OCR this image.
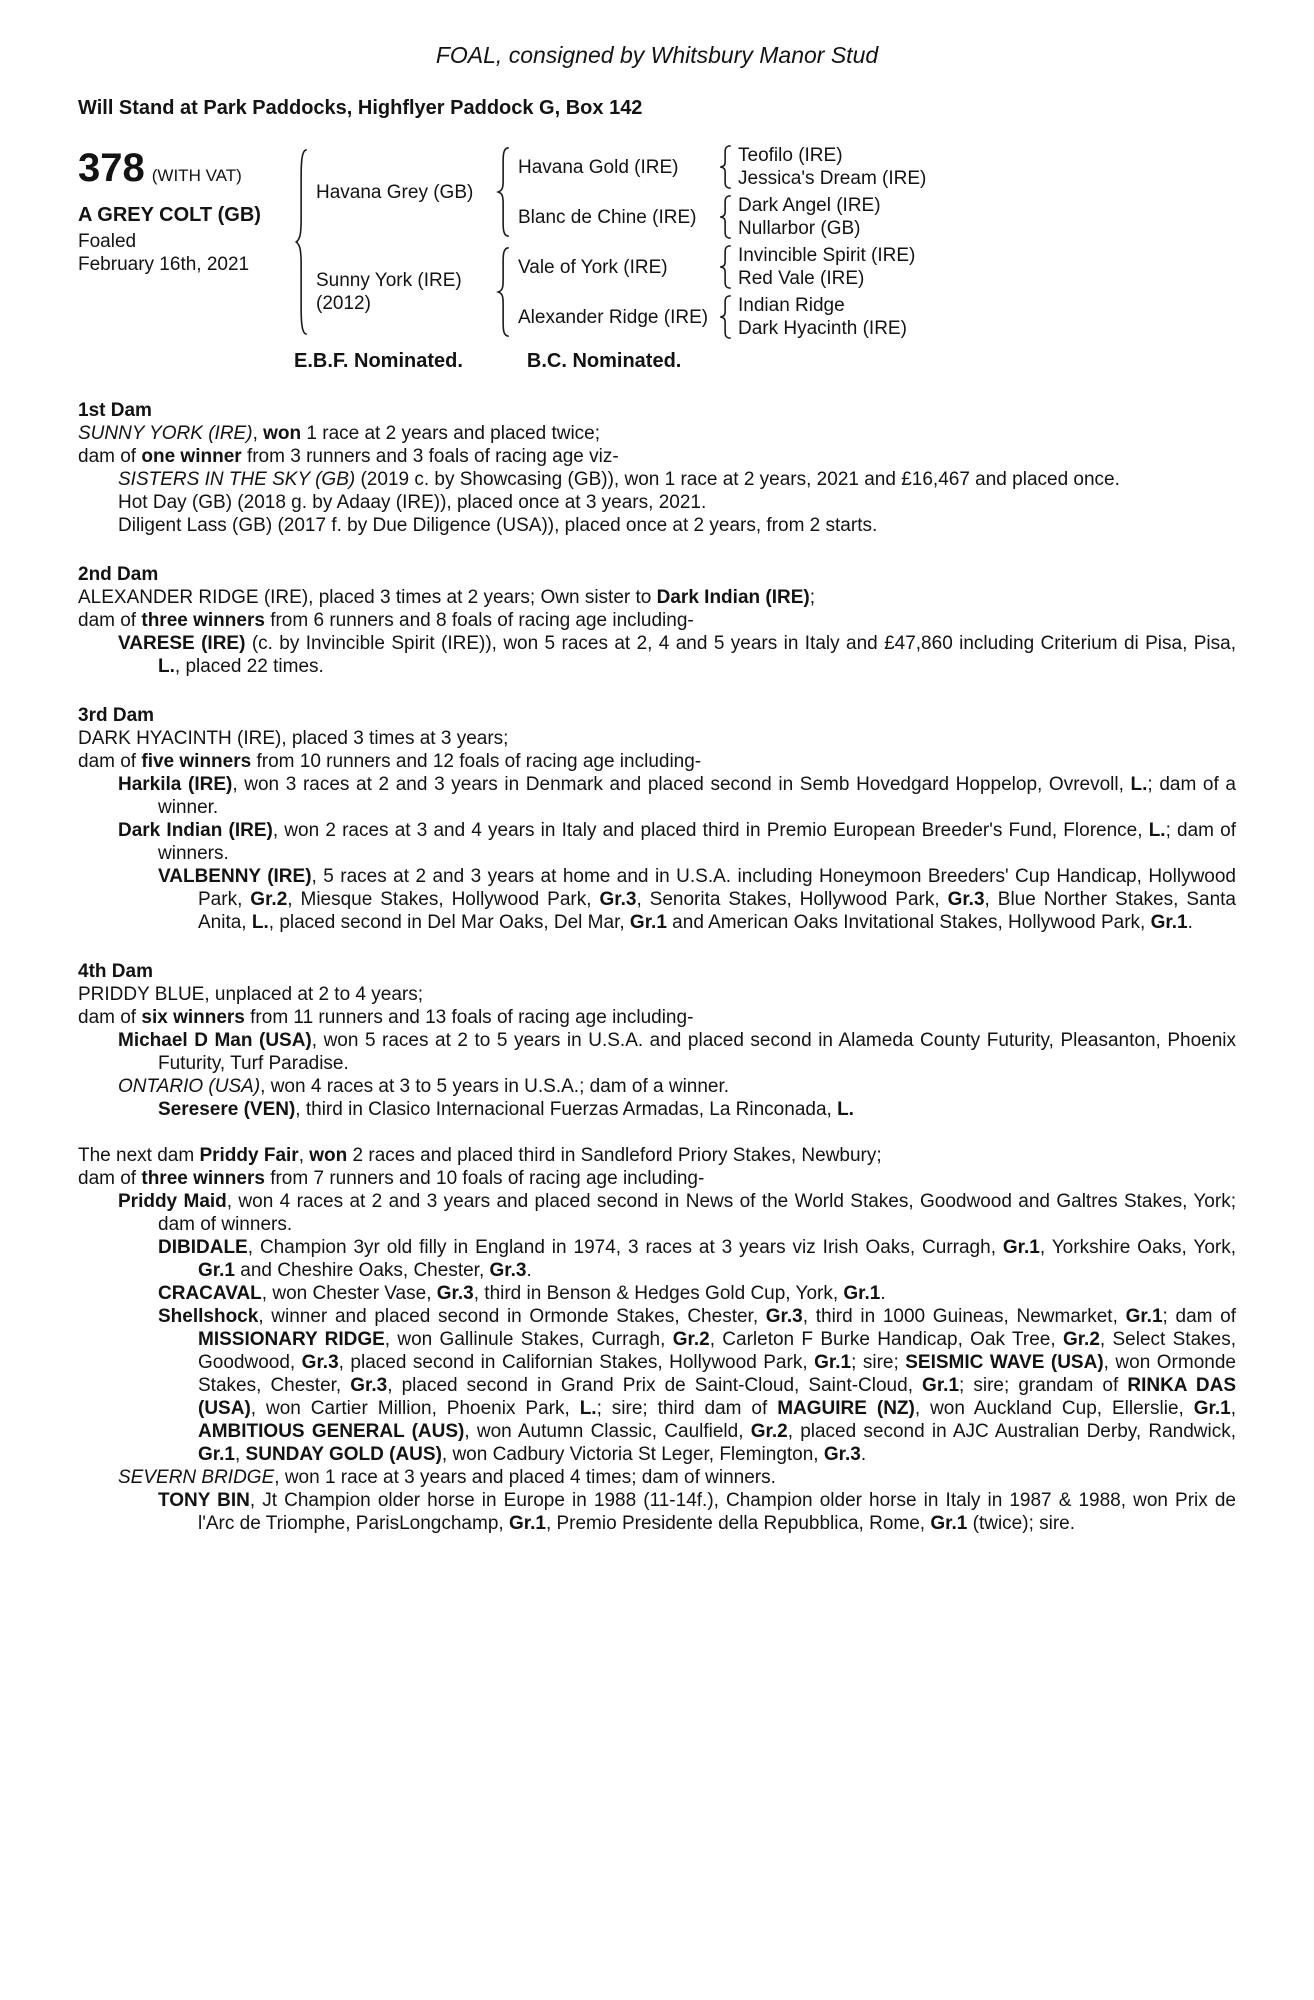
FOAL, consigned by Whitsbury Manor Stud
Will Stand at Park Paddocks, Highflyer Paddock G, Box 142
378 (WITH VAT)
A GREY COLT (GB)
Foaled
February 16th, 2021
Havana Grey (GB)
Havana Gold (IRE)
Teofilo (IRE)
Jessica's Dream (IRE)
Blanc de Chine (IRE)
Dark Angel (IRE)
Nullarbor (GB)
Sunny York (IRE)
(2012)
Vale of York (IRE)
Invincible Spirit (IRE)
Red Vale (IRE)
Alexander Ridge (IRE)
Indian Ridge
Dark Hyacinth (IRE)
E.B.F. Nominated.	B.C. Nominated.
1st Dam
SUNNY YORK (IRE), won 1 race at 2 years and placed twice;
dam of one winner from 3 runners and 3 foals of racing age viz-
SISTERS IN THE SKY (GB) (2019 c. by Showcasing (GB)), won 1 race at 2 years, 2021 and £16,467 and placed once.
Hot Day (GB) (2018 g. by Adaay (IRE)), placed once at 3 years, 2021.
Diligent Lass (GB) (2017 f. by Due Diligence (USA)), placed once at 2 years, from 2 starts.
2nd Dam
ALEXANDER RIDGE (IRE), placed 3 times at 2 years; Own sister to Dark Indian (IRE);
dam of three winners from 6 runners and 8 foals of racing age including-
VARESE (IRE) (c. by Invincible Spirit (IRE)), won 5 races at 2, 4 and 5 years in Italy and £47,860 including Criterium di Pisa, Pisa, L., placed 22 times.
3rd Dam
DARK HYACINTH (IRE), placed 3 times at 3 years;
dam of five winners from 10 runners and 12 foals of racing age including-
Harkila (IRE), won 3 races at 2 and 3 years in Denmark and placed second in Semb Hovedgard Hoppelop, Ovrevoll, L.; dam of a winner.
Dark Indian (IRE), won 2 races at 3 and 4 years in Italy and placed third in Premio European Breeder's Fund, Florence, L.; dam of winners.
VALBENNY (IRE), 5 races at 2 and 3 years at home and in U.S.A. including Honeymoon Breeders' Cup Handicap, Hollywood Park, Gr.2, Miesque Stakes, Hollywood Park, Gr.3, Senorita Stakes, Hollywood Park, Gr.3, Blue Norther Stakes, Santa Anita, L., placed second in Del Mar Oaks, Del Mar, Gr.1 and American Oaks Invitational Stakes, Hollywood Park, Gr.1.
4th Dam
PRIDDY BLUE, unplaced at 2 to 4 years;
dam of six winners from 11 runners and 13 foals of racing age including-
Michael D Man (USA), won 5 races at 2 to 5 years in U.S.A. and placed second in Alameda County Futurity, Pleasanton, Phoenix Futurity, Turf Paradise.
ONTARIO (USA), won 4 races at 3 to 5 years in U.S.A.; dam of a winner.
Seresere (VEN), third in Clasico Internacional Fuerzas Armadas, La Rinconada, L.
The next dam Priddy Fair, won 2 races and placed third in Sandleford Priory Stakes, Newbury;
dam of three winners from 7 runners and 10 foals of racing age including-
Priddy Maid, won 4 races at 2 and 3 years and placed second in News of the World Stakes, Goodwood and Galtres Stakes, York; dam of winners.
DIBIDALE, Champion 3yr old filly in England in 1974, 3 races at 3 years viz Irish Oaks, Curragh, Gr.1, Yorkshire Oaks, York, Gr.1 and Cheshire Oaks, Chester, Gr.3.
CRACAVAL, won Chester Vase, Gr.3, third in Benson & Hedges Gold Cup, York, Gr.1.
Shellshock, winner and placed second in Ormonde Stakes, Chester, Gr.3, third in 1000 Guineas, Newmarket, Gr.1; dam of MISSIONARY RIDGE, won Gallinule Stakes, Curragh, Gr.2, Carleton F Burke Handicap, Oak Tree, Gr.2, Select Stakes, Goodwood, Gr.3, placed second in Californian Stakes, Hollywood Park, Gr.1; sire; SEISMIC WAVE (USA), won Ormonde Stakes, Chester, Gr.3, placed second in Grand Prix de Saint-Cloud, Saint-Cloud, Gr.1; sire; grandam of RINKA DAS (USA), won Cartier Million, Phoenix Park, L.; sire; third dam of MAGUIRE (NZ), won Auckland Cup, Ellerslie, Gr.1, AMBITIOUS GENERAL (AUS), won Autumn Classic, Caulfield, Gr.2, placed second in AJC Australian Derby, Randwick, Gr.1, SUNDAY GOLD (AUS), won Cadbury Victoria St Leger, Flemington, Gr.3.
SEVERN BRIDGE, won 1 race at 3 years and placed 4 times; dam of winners.
TONY BIN, Jt Champion older horse in Europe in 1988 (11-14f.), Champion older horse in Italy in 1987 & 1988, won Prix de l'Arc de Triomphe, ParisLongchamp, Gr.1, Premio Presidente della Repubblica, Rome, Gr.1 (twice); sire.
